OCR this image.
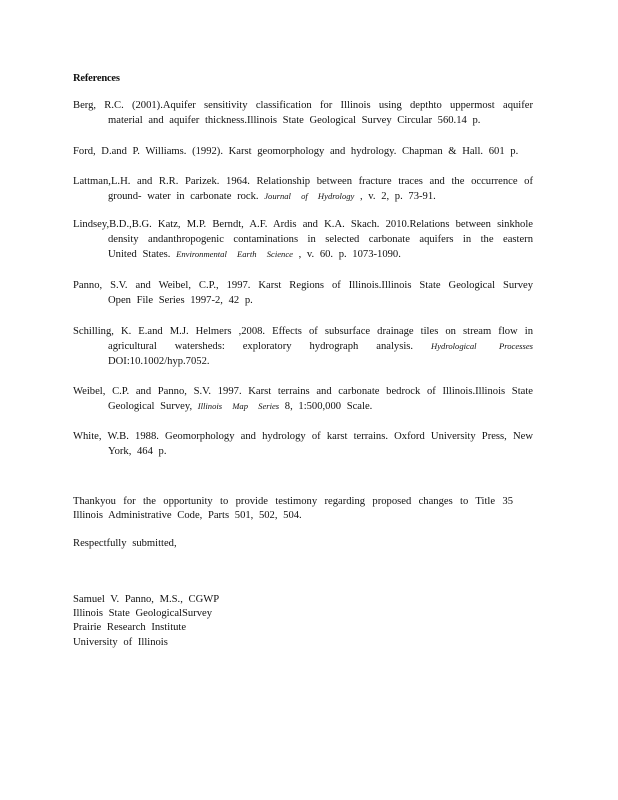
References

Berg, R.C. (2001).Aquifer sensitivity classification for Illinois using depthto uppermost aquifer material and aquifer thickness.Illinois State Geological Survey Circular 560.14 p.

Ford, D.and P. Williams. (1992). Karst geomorphology and hydrology. Chapman & Hall. 601 p.

Lattman,L.H. and R.R. Parizek. 1964. Relationship between fracture traces and the occurrence of ground- water in carbonate rock. Journal of Hydrology , v. 2, p. 73-91.

Lindsey,B.D.,B.G. Katz, M.P. Berndt, A.F. Ardis and K.A. Skach. 2010.Relations between sinkhole density andanthropogenic contaminations in selected carbonate aquifers in the eastern United States. Environmental Earth Science , v. 60. p. 1073-1090.

Panno, S.V. and Weibel, C.P., 1997. Karst Regions of Illinois.Illinois State Geological Survey Open File Series 1997-2, 42 p.

Schilling, K. E.and M.J. Helmers ,2008. Effects of subsurface drainage tiles on stream flow in agricultural watersheds: exploratory hydrograph analysis. Hydrological Processes DOI:10.1002/hyp.7052.

Weibel, C.P. and Panno, S.V. 1997. Karst terrains and carbonate bedrock of Illinois.Illinois State Geological Survey, Illinois Map Series 8, 1:500,000 Scale.

White, W.B. 1988. Geomorphology and hydrology of karst terrains. Oxford University Press, New York, 464 p.

Thankyou for the opportunity to provide testimony regarding proposed changes to Title 35 Illinois Administrative Code, Parts 501, 502, 504.

Respectfully submitted,

Samuel V. Panno, M.S., CGWP
Illinois State GeologicalSurvey
Prairie Research Institute
University of Illinois
